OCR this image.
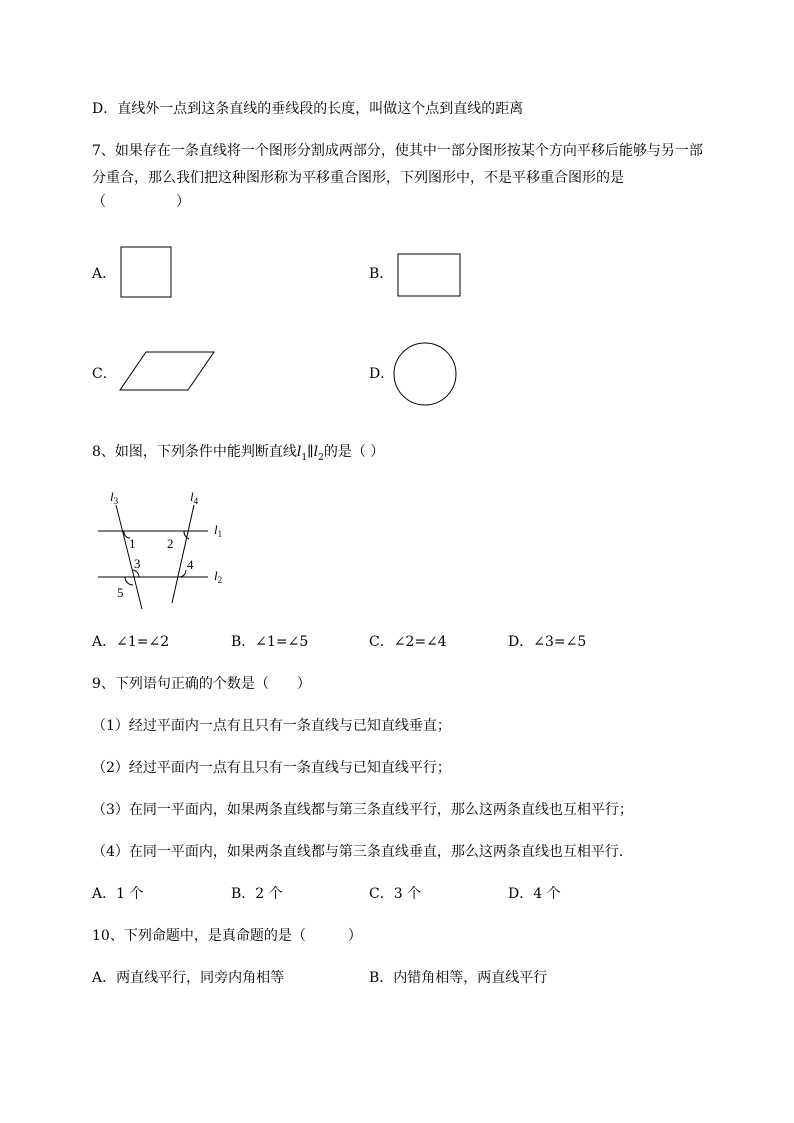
D．直线外一点到这条直线的垂线段的长度，叫做这个点到直线的距离
7、如果存在一条直线将一个图形分割成两部分，使其中一部分图形按某个方向平移后能够与另一部
分重合，那么我们把这种图形称为平移重合图形，下列图形中，不是平移重合图形的是
（　　　　　）
A．	B．
C．	D．
8、如图，下列条件中能判断直线$l_1\parallel l_2$的是（ ）
$l_3$	$l_4$
$l_1$
$l_2$
1 2
3	4
5
A．∠1=∠2	B．∠1=∠5	C．∠2=∠4	D．∠3=∠5
9、下列语句正确的个数是（　　）
（1）经过平面内一点有且只有一条直线与已知直线垂直；
（2）经过平面内一点有且只有一条直线与已知直线平行；
（3）在同一平面内，如果两条直线都与第三条直线平行，那么这两条直线也互相平行；
（4）在同一平面内，如果两条直线都与第三条直线垂直，那么这两条直线也互相平行．
A．1 个	B．2 个	C．3 个	D．4 个
10、下列命题中，是真命题的是（　　　）
A．两直线平行，同旁内角相等	B．内错角相等，两直线平行
